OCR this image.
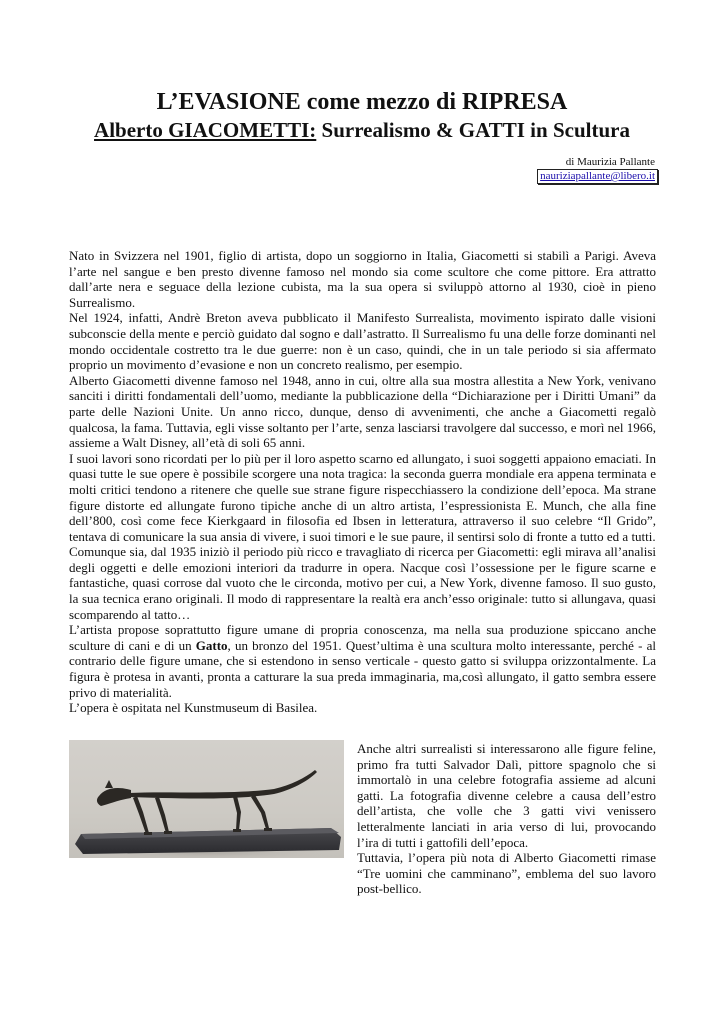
L’EVASIONE come mezzo di RIPRESA
Alberto GIACOMETTI: Surrealismo & GATTI in Scultura
di Maurizia Pallante
nauriziapallante@libero.it

Nato in Svizzera nel 1901, figlio di artista, dopo un soggiorno in Italia, Giacometti si stabilì a Parigi. Aveva l’arte nel sangue e ben presto divenne famoso nel mondo sia come scultore che come pittore. Era attratto dall’arte nera e seguace della lezione cubista, ma la sua opera si sviluppò attorno al 1930, cioè in pieno Surrealismo.

Nel 1924, infatti, Andrè Breton aveva pubblicato il Manifesto Surrealista, movimento ispirato dalle visioni subconscie della mente e perciò guidato dal sogno e dall’astratto. Il Surrealismo fu una delle forze dominanti nel mondo occidentale costretto tra le due guerre: non è un caso, quindi, che in un tale periodo si sia affermato proprio un movimento d’evasione e non un concreto realismo, per esempio.

Alberto Giacometti divenne famoso nel 1948, anno in cui, oltre alla sua mostra allestita a New York, venivano sanciti i diritti fondamentali dell’uomo, mediante la pubblicazione della “Dichiarazione per i Diritti Umani” da parte delle Nazioni Unite. Un anno ricco, dunque, denso di avvenimenti, che anche a Giacometti regalò qualcosa, la fama. Tuttavia, egli visse soltanto per l’arte, senza lasciarsi travolgere dal successo, e morì nel 1966, assieme a Walt Disney, all’età di soli 65 anni.

I suoi lavori sono ricordati per lo più per il loro aspetto scarno ed allungato, i suoi soggetti appaiono emaciati. In quasi tutte le sue opere è possibile scorgere una nota tragica: la seconda guerra mondiale era appena terminata e molti critici tendono a ritenere che quelle sue strane figure rispecchiassero la condizione dell’epoca. Ma strane figure distorte ed allungate furono tipiche anche di un altro artista, l’espressionista E. Munch, che alla fine dell’800, così come fece Kierkgaard in filosofia ed Ibsen in letteratura, attraverso il suo celebre “Il Grido”, tentava di comunicare la sua ansia di vivere, i suoi timori e le sue paure, il sentirsi solo di fronte a tutto ed a tutti.

Comunque sia, dal 1935 iniziò il periodo più ricco e travagliato di ricerca per Giacometti: egli mirava all’analisi degli oggetti e delle emozioni interiori da tradurre in opera. Nacque così l’ossessione per le figure scarne e fantastiche, quasi corrose dal vuoto che le circonda, motivo per cui, a New York, divenne famoso. Il suo gusto, la sua tecnica erano originali. Il modo di rappresentare la realtà era anch’esso originale: tutto si allungava, quasi scomparendo al tatto…

L’artista propose soprattutto figure umane di propria conoscenza, ma nella sua produzione spiccano anche sculture di cani e di un Gatto, un bronzo del 1951. Quest’ultima è una scultura molto interessante, perché - al contrario delle figure umane, che si estendono in senso verticale - questo gatto si sviluppa orizzontalmente. La figura è protesa in avanti, pronta a catturare la sua preda immaginaria, ma,così allungato, il gatto sembra essere privo di materialità.

L’opera è ospitata nel Kunstmuseum di Basilea.

Anche altri surrealisti si interessarono alle figure feline, primo fra tutti Salvador Dalì, pittore spagnolo che si immortalò in una celebre fotografia assieme ad alcuni gatti. La fotografia divenne celebre a causa dell’estro dell’artista, che volle che 3 gatti vivi venissero letteralmente lanciati in aria verso di lui, provocando l’ira di tutti i gattofili dell’epoca.

Tuttavia, l’opera più nota di Alberto Giacometti rimase “Tre uomini che camminano”, emblema del suo lavoro post-bellico.
